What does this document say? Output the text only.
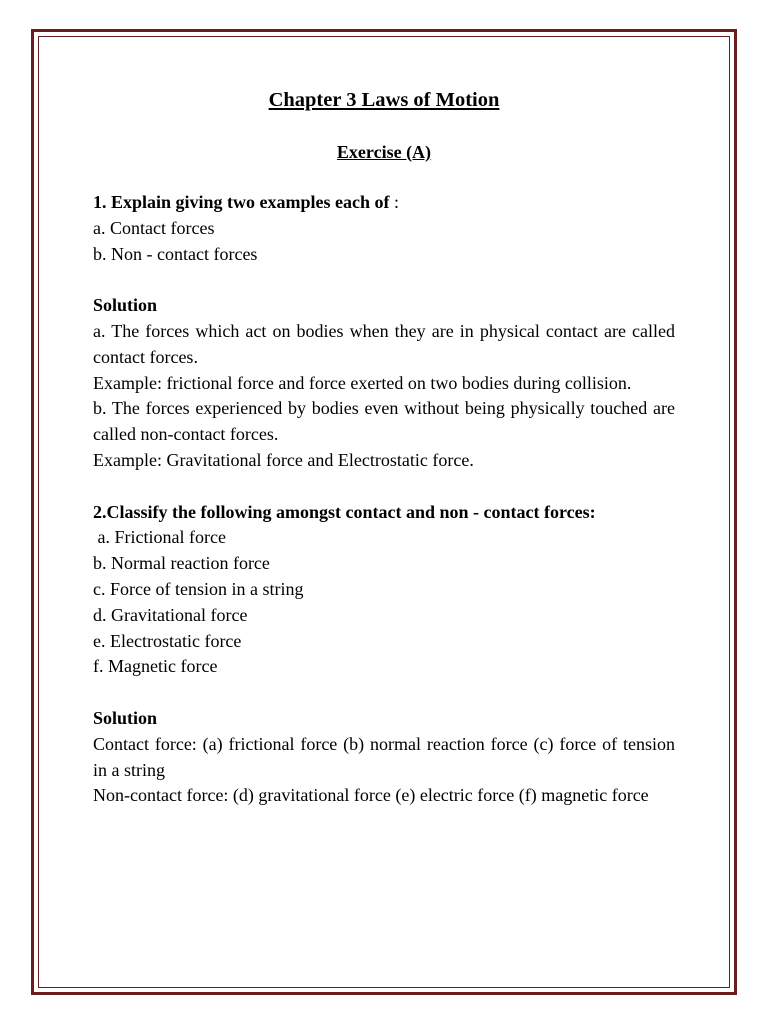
Chapter 3 Laws of Motion
Exercise (A)

1. Explain giving two examples each of :

a. Contact forces

b. Non - contact forces

Solution

a. The forces which act on bodies when they are in physical contact are called contact forces.

Example: frictional force and force exerted on two bodies during collision.

b. The forces experienced by bodies even without being physically touched are called non-contact forces.

Example: Gravitational force and Electrostatic force.

2.Classify the following amongst contact and non - contact forces:

a. Frictional force

b. Normal reaction force

c. Force of tension in a string

d. Gravitational force

e. Electrostatic force

f. Magnetic force

Solution

Contact force: (a) frictional force (b) normal reaction force (c) force of tension in a string

Non-contact force: (d) gravitational force (e) electric force (f) magnetic force
